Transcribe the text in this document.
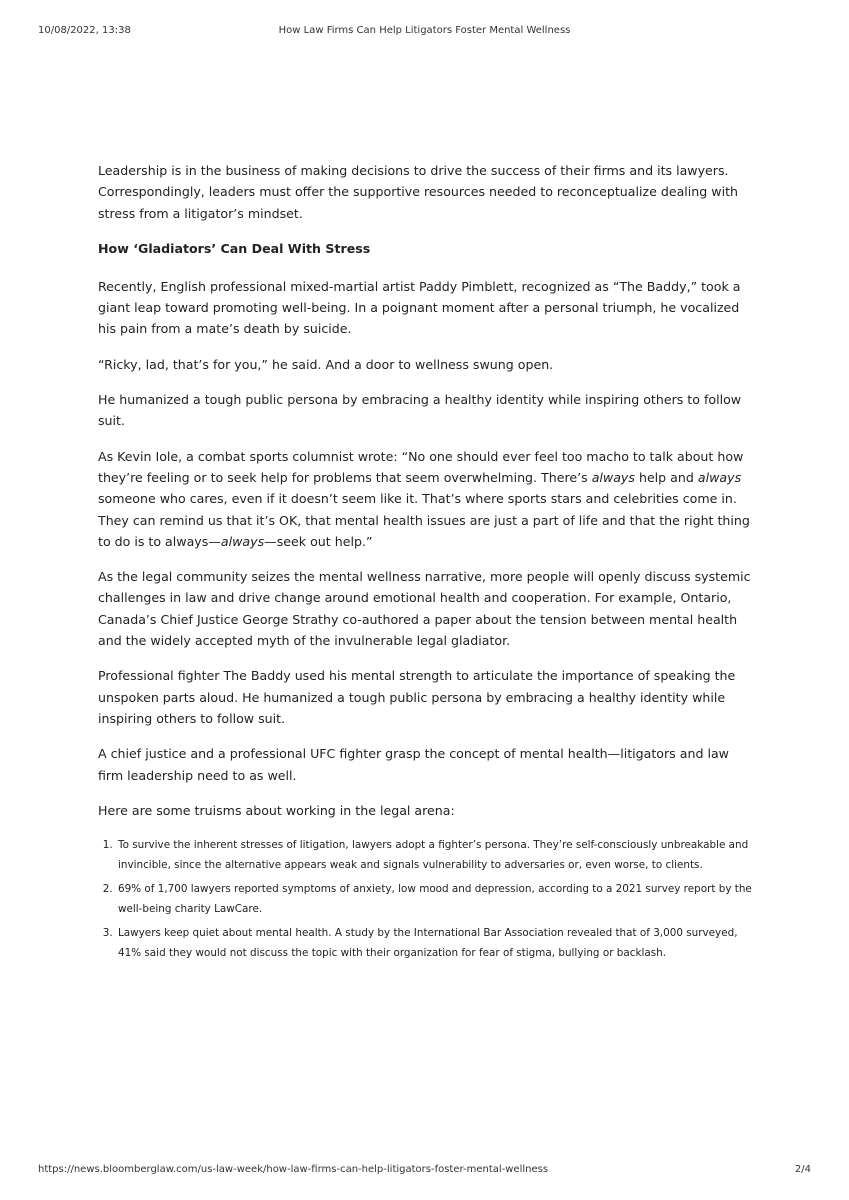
10/08/2022, 13:38	How Law Firms Can Help Litigators Foster Mental Wellness

Leadership is in the business of making decisions to drive the success of their firms and its lawyers. Correspondingly, leaders must offer the supportive resources needed to reconceptualize dealing with stress from a litigator’s mindset.

How ‘Gladiators’ Can Deal With Stress

Recently, English professional mixed-martial artist Paddy Pimblett, recognized as “The Baddy,” took a giant leap toward promoting well-being. In a poignant moment after a personal triumph, he vocalized his pain from a mate’s death by suicide.

“Ricky, lad, that’s for you,” he said. And a door to wellness swung open.

He humanized a tough public persona by embracing a healthy identity while inspiring others to follow suit.

As Kevin Iole, a combat sports columnist wrote: “No one should ever feel too macho to talk about how they’re feeling or to seek help for problems that seem overwhelming. There’s always help and always someone who cares, even if it doesn’t seem like it. That’s where sports stars and celebrities come in. They can remind us that it’s OK, that mental health issues are just a part of life and that the right thing to do is to always—always—seek out help.”

As the legal community seizes the mental wellness narrative, more people will openly discuss systemic challenges in law and drive change around emotional health and cooperation. For example, Ontario, Canada’s Chief Justice George Strathy co-authored a paper about the tension between mental health and the widely accepted myth of the invulnerable legal gladiator.

Professional fighter The Baddy used his mental strength to articulate the importance of speaking the unspoken parts aloud. He humanized a tough public persona by embracing a healthy identity while inspiring others to follow suit.

A chief justice and a professional UFC fighter grasp the concept of mental health—litigators and law firm leadership need to as well.

Here are some truisms about working in the legal arena:

1. To survive the inherent stresses of litigation, lawyers adopt a fighter’s persona. They’re self-consciously unbreakable and invincible, since the alternative appears weak and signals vulnerability to adversaries or, even worse, to clients.
2. 69% of 1,700 lawyers reported symptoms of anxiety, low mood and depression, according to a 2021 survey report by the well-being charity LawCare.
3. Lawyers keep quiet about mental health. A study by the International Bar Association revealed that of 3,000 surveyed, 41% said they would not discuss the topic with their organization for fear of stigma, bullying or backlash.
https://news.bloomberglaw.com/us-law-week/how-law-firms-can-help-litigators-foster-mental-wellness	2/4
